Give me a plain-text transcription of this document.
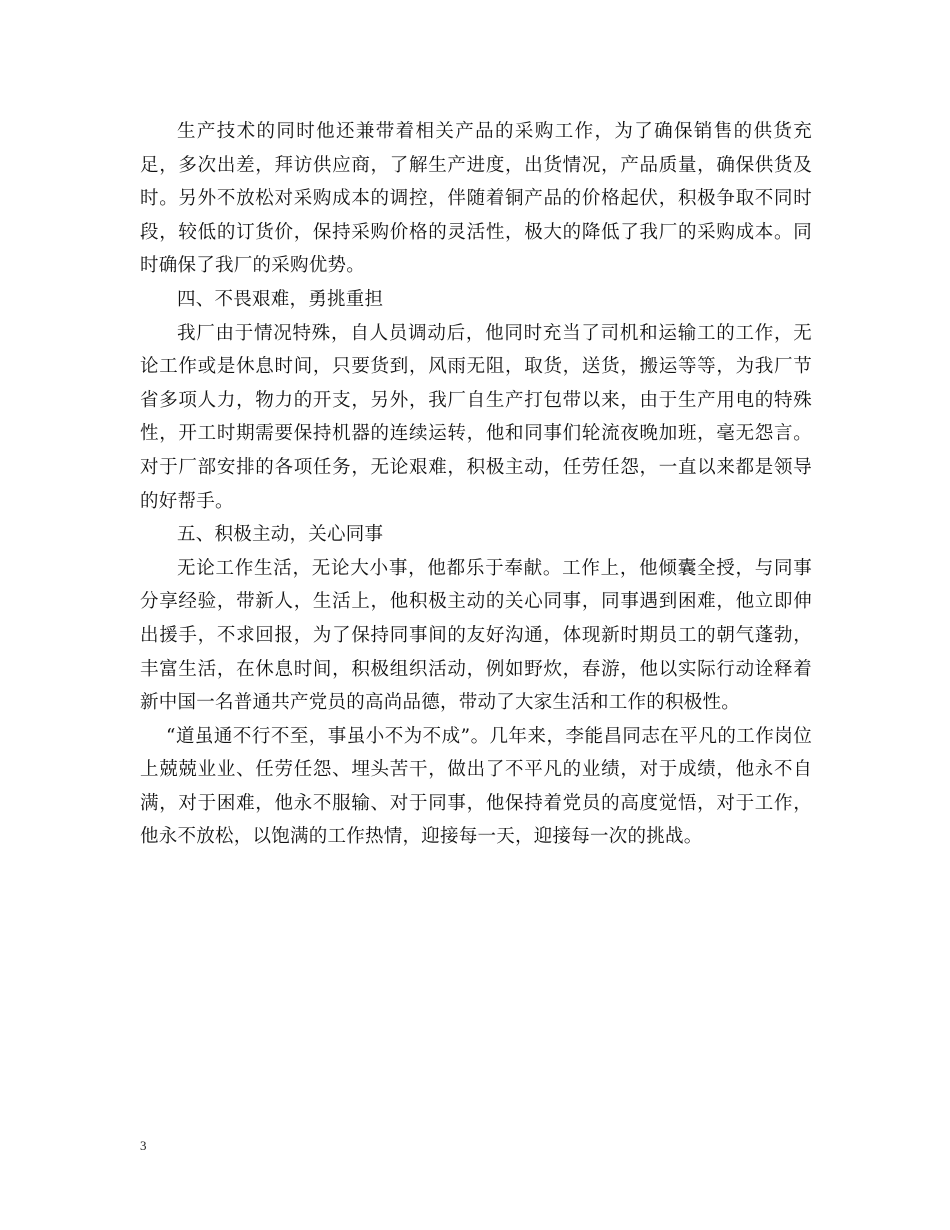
生产技术的同时他还兼带着相关产品的采购工作，为了确保销售的供货充足，多次出差，拜访供应商，了解生产进度，出货情况，产品质量，确保供货及时。另外不放松对采购成本的调控，伴随着铜产品的价格起伏，积极争取不同时段，较低的订货价，保持采购价格的灵活性，极大的降低了我厂的采购成本。同时确保了我厂的采购优势。

四、不畏艰难，勇挑重担

我厂由于情况特殊，自人员调动后，他同时充当了司机和运输工的工作，无论工作或是休息时间，只要货到，风雨无阻，取货，送货，搬运等等，为我厂节省多项人力，物力的开支，另外，我厂自生产打包带以来，由于生产用电的特殊性，开工时期需要保持机器的连续运转，他和同事们轮流夜晚加班，毫无怨言。对于厂部安排的各项任务，无论艰难，积极主动，任劳任怨，一直以来都是领导的好帮手。

五、积极主动，关心同事

无论工作生活，无论大小事，他都乐于奉献。工作上，他倾囊全授，与同事分享经验，带新人，生活上，他积极主动的关心同事，同事遇到困难，他立即伸出援手，不求回报，为了保持同事间的友好沟通，体现新时期员工的朝气蓬勃，丰富生活，在休息时间，积极组织活动，例如野炊，春游，他以实际行动诠释着新中国一名普通共产党员的高尚品德，带动了大家生活和工作的积极性。

“道虽通不行不至，事虽小不为不成”。几年来，李能昌同志在平凡的工作岗位上兢兢业业、任劳任怨、埋头苦干，做出了不平凡的业绩，对于成绩，他永不自满，对于困难，他永不服输、对于同事，他保持着党员的高度觉悟，对于工作，他永不放松，以饱满的工作热情，迎接每一天，迎接每一次的挑战。

3
